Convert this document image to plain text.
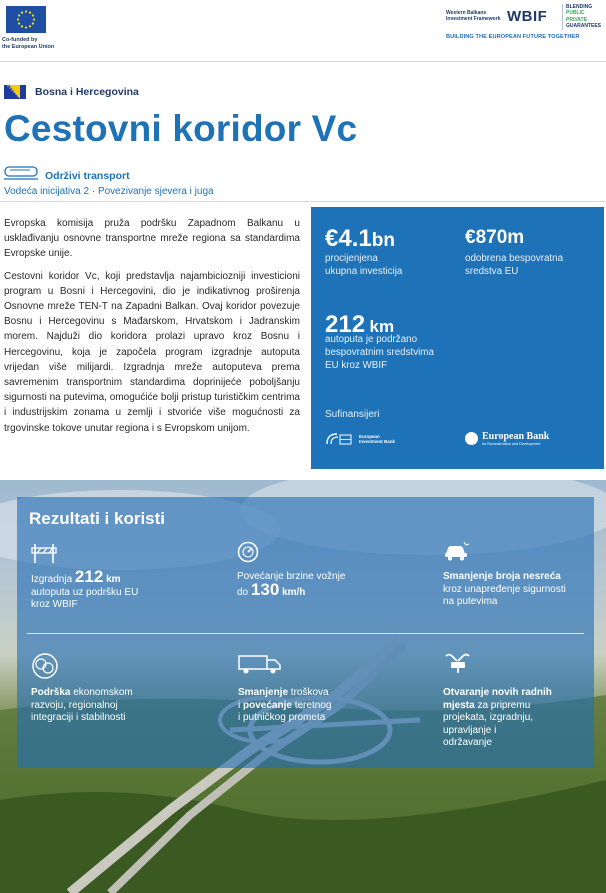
Co-funded by
the European Union
Western Balkans
Investment Framework WBIF
BUILDING THE EUROPEAN FUTURE TOGETHER
BLENDING
PUBLIC
PRIVATE
GUARANTEES
Bosna i Hercegovina
Cestovni koridor Vc
Održivi transport
Vodeća inicijativa 2 · Povezivanje sjevera i juga

Evropska komisija pruža podršku Zapadnom Balkanu u usklađivanju osnovne transportne mreže regiona sa standardima Evropske unije.

Cestovni koridor Vc, koji predstavlja najambiciozniji investicioni program u Bosni i Hercegovini, dio je indikativnog proširenja Osnovne mreže TEN-T na Zapadni Balkan. Ovaj koridor povezuje Bosnu i Hercegovinu s Mađarskom, Hrvatskom i Jadranskim morem. Najduži dio koridora prolazi upravo kroz Bosnu i Hercegovinu, koja je započela program izgradnje autoputa vrijedan više milijardi. Izgradnja mreže autoputeva prema savremenim transportnim standardima doprinijeće poboljšanju sigurnosti na putevima, omogućiće bolji pristup turističkim centrima i industrijskim zonama u zemlji i stvoriće više mogućnosti za trgovinske tokove unutar regiona i s Evropskom unijom.

€4.1bn
procijenjena
ukupna investicija
€870m
odobrena bespovratna
sredstva EU
212 km
autoputa je podržano
bespovratnim sredstvima
EU kroz WBIF
Sufinansijeri
European
Investment Bank	European Bank
for Reconstruction and Development
Rezultati i koristi
Izgradnja 212 km
autoputa uz podršku EU
kroz WBIF
Povećanje brzine vožnje
do 130 km/h
Smanjenje broja nesreća
kroz unapređenje sigurnosti
na putevima
Podrška ekonomskom
razvoju, regionalnoj
integraciji i stabilnosti
Smanjenje troškova
i povećanje teretnog
i putničkog prometa
Otvaranje novih radnih
mjesta za pripremu
projekata, izgradnju,
upravljanje i
održavanje
